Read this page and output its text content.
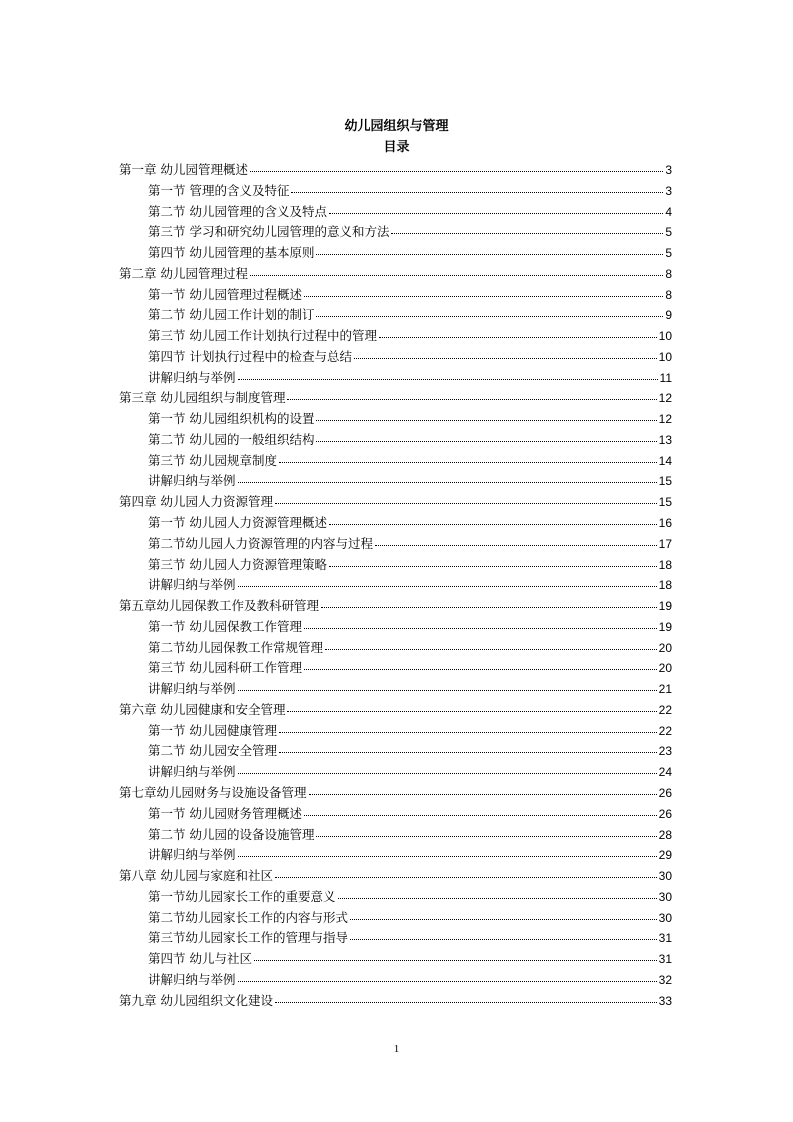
幼儿园组织与管理
目录
第一章 幼儿园管理概述	3
第一节 管理的含义及特征	3
第二节 幼儿园管理的含义及特点	4
第三节 学习和研究幼儿园管理的意义和方法	5
第四节 幼儿园管理的基本原则	5
第二章 幼儿园管理过程	8
第一节 幼儿园管理过程概述	8
第二节 幼儿园工作计划的制订	9
第三节 幼儿园工作计划执行过程中的管理	10
第四节 计划执行过程中的检查与总结	10
讲解归纳与举例	11
第三章 幼儿园组织与制度管理	12
第一节 幼儿园组织机构的设置	12
第二节 幼儿园的一般组织结构	13
第三节 幼儿园规章制度	14
讲解归纳与举例	15
第四章 幼儿园人力资源管理	15
第一节 幼儿园人力资源管理概述	16
第二节幼儿园人力资源管理的内容与过程	17
第三节 幼儿园人力资源管理策略	18
讲解归纳与举例	18
第五章幼儿园保教工作及教科研管理	19
第一节 幼儿园保教工作管理	19
第二节幼儿园保教工作常规管理	20
第三节 幼儿园科研工作管理	20
讲解归纳与举例	21
第六章 幼儿园健康和安全管理	22
第一节 幼儿园健康管理	22
第二节 幼儿园安全管理	23
讲解归纳与举例	24
第七章幼儿园财务与设施设备管理	26
第一节 幼儿园财务管理概述	26
第二节 幼儿园的设备设施管理	28
讲解归纳与举例	29
第八章 幼儿园与家庭和社区	30
第一节幼儿园家长工作的重要意义	30
第二节幼儿园家长工作的内容与形式	30
第三节幼儿园家长工作的管理与指导	31
第四节 幼儿与社区	31
讲解归纳与举例	32
第九章 幼儿园组织文化建设	33
1
